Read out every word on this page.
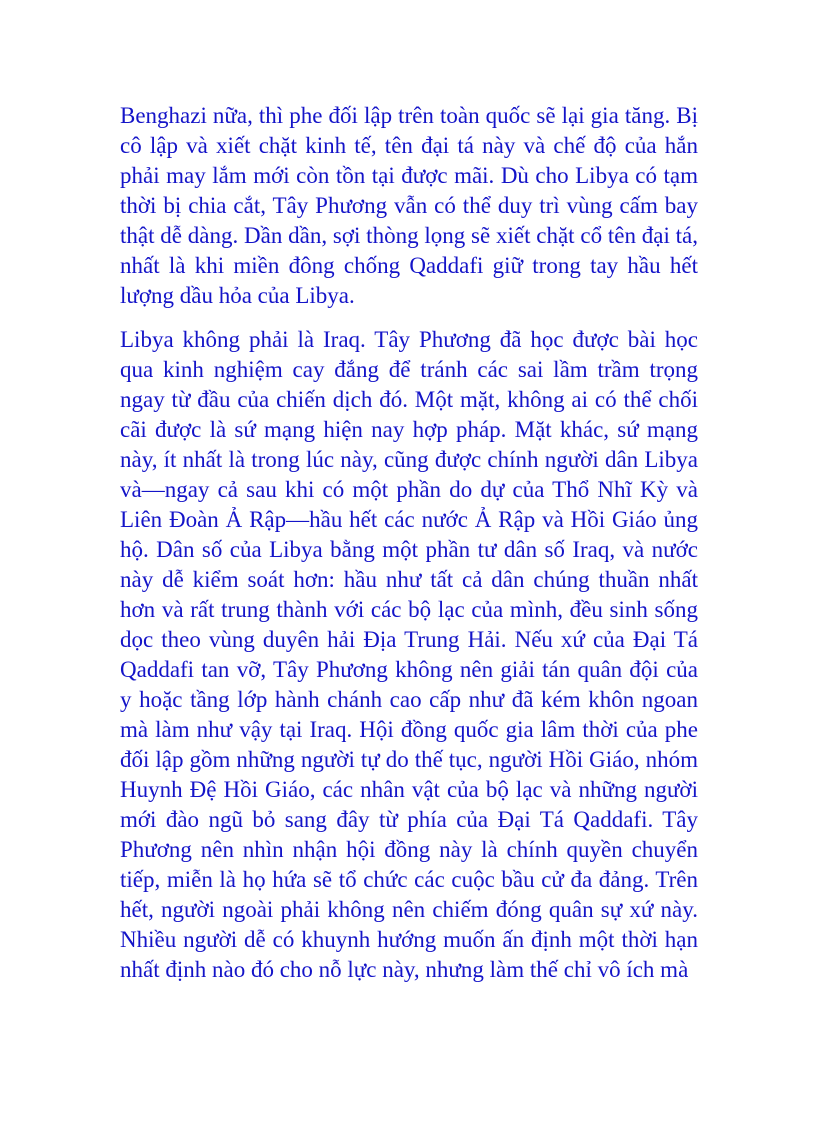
Benghazi nữa, thì phe đối lập trên toàn quốc sẽ lại gia tăng. Bị cô lập và xiết chặt kinh tế, tên đại tá này và chế độ của hắn phải may lắm mới còn tồn tại được mãi. Dù cho Libya có tạm thời bị chia cắt, Tây Phương vẫn có thể duy trì vùng cấm bay thật dễ dàng. Dần dần, sợi thòng lọng sẽ xiết chặt cổ tên đại tá, nhất là khi miền đông chống Qaddafi giữ trong tay hầu hết lượng dầu hỏa của Libya.

Libya không phải là Iraq. Tây Phương đã học được bài học qua kinh nghiệm cay đắng để tránh các sai lầm trầm trọng ngay từ đầu của chiến dịch đó. Một mặt, không ai có thể chối cãi được là sứ mạng hiện nay hợp pháp. Mặt khác, sứ mạng này, ít nhất là trong lúc này, cũng được chính người dân Libya và—ngay cả sau khi có một phần do dự của Thổ Nhĩ Kỳ và Liên Đoàn Ả Rập—hầu hết các nước Ả Rập và Hồi Giáo ủng hộ. Dân số của Libya bằng một phần tư dân số Iraq, và nước này dễ kiểm soát hơn: hầu như tất cả dân chúng thuần nhất hơn và rất trung thành với các bộ lạc của mình, đều sinh sống dọc theo vùng duyên hải Địa Trung Hải. Nếu xứ của Đại Tá Qaddafi tan vỡ, Tây Phương không nên giải tán quân đội của y hoặc tầng lớp hành chánh cao cấp như đã kém khôn ngoan mà làm như vậy tại Iraq. Hội đồng quốc gia lâm thời của phe đối lập gồm những người tự do thế tục, người Hồi Giáo, nhóm Huynh Đệ Hồi Giáo, các nhân vật của bộ lạc và những người mới đào ngũ bỏ sang đây từ phía của Đại Tá Qaddafi. Tây Phương nên nhìn nhận hội đồng này là chính quyền chuyển tiếp, miễn là họ hứa sẽ tổ chức các cuộc bầu cử đa đảng. Trên hết, người ngoài phải không nên chiếm đóng quân sự xứ này. Nhiều người dễ có khuynh hướng muốn ấn định một thời hạn nhất định nào đó cho nỗ lực này, nhưng làm thế chỉ vô ích mà
